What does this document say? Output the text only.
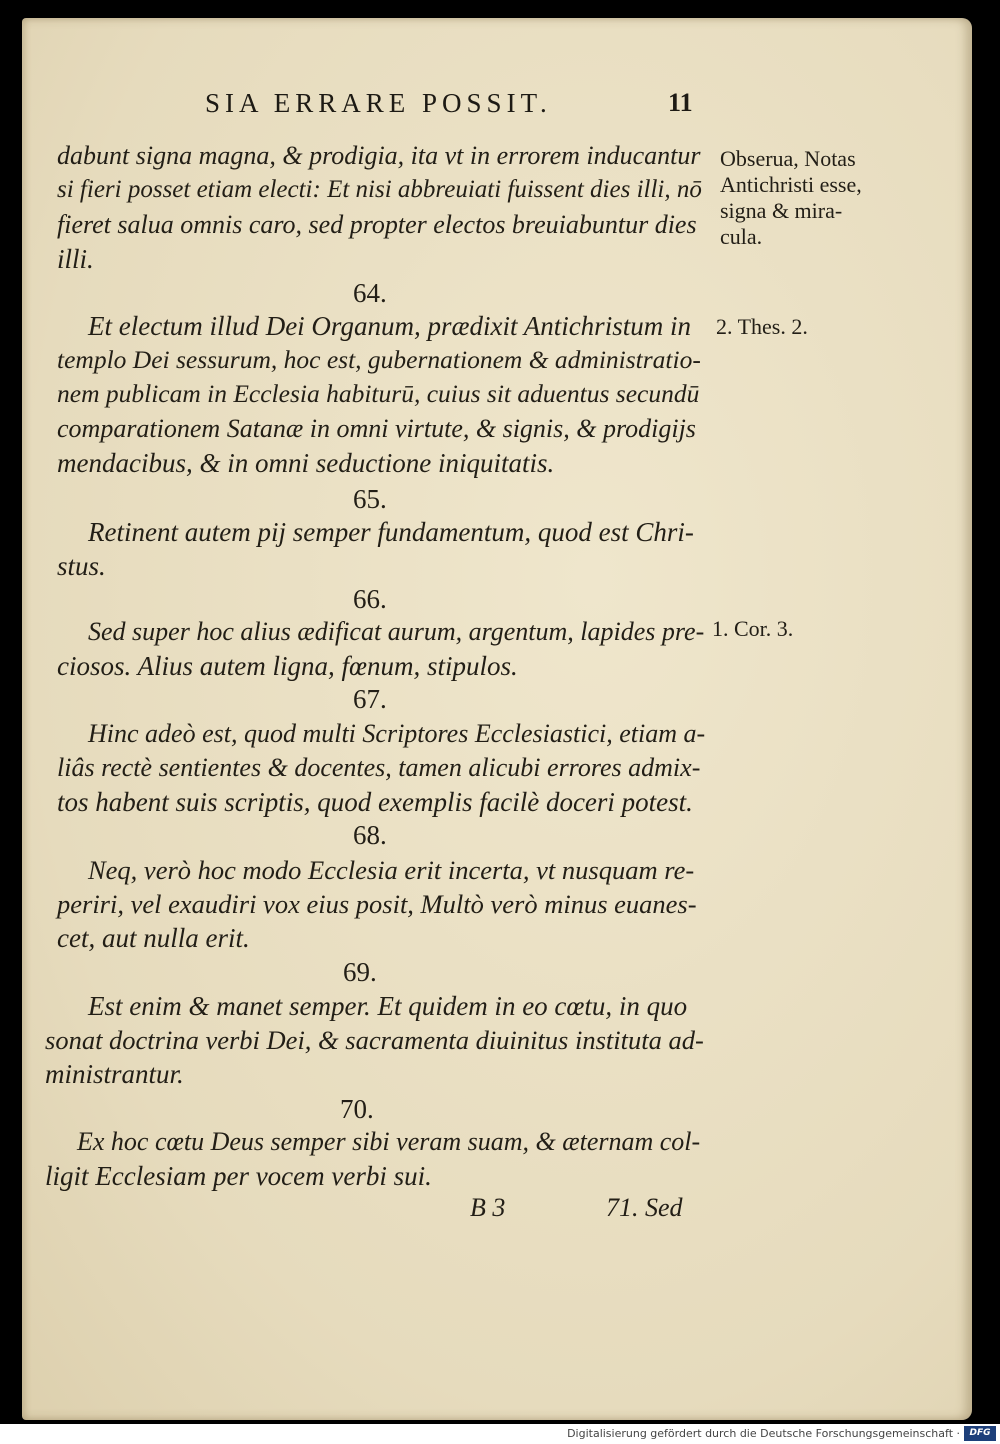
SIA ERRARE POSSIT.	11
dabunt signa magna, & prodigia, ita vt in errorem inducantur
si fieri posset etiam electi: Et nisi abbreuiati fuissent dies illi, nō
fieret salua omnis caro, sed propter electos breuiabuntur dies
illi.
64.
Et electum illud Dei Organum, prædixit Antichristum in
templo Dei sessurum, hoc est, gubernationem & administratio-
nem publicam in Ecclesia habiturū, cuius sit aduentus secundū
comparationem Satanæ in omni virtute, & signis, & prodigijs
mendacibus, & in omni seductione iniquitatis.
65.
Retinent autem pij semper fundamentum, quod est Chri-
stus.
66.
Sed super hoc alius ædificat aurum, argentum, lapides pre-
ciosos. Alius autem ligna, fœnum, stipulos.
67.
Hinc adeò est, quod multi Scriptores Ecclesiastici, etiam a-
liâs rectè sentientes & docentes, tamen alicubi errores admix-
tos habent suis scriptis, quod exemplis facilè doceri potest.
68.
Neq, verò hoc modo Ecclesia erit incerta, vt nusquam re-
periri, vel exaudiri vox eius posit, Multò verò minus euanes-
cet, aut nulla erit.
69.
Est enim & manet semper. Et quidem in eo cœtu, in quo
sonat doctrina verbi Dei, & sacramenta diuinitus instituta ad-
ministrantur.
70.
Ex hoc cœtu Deus semper sibi veram suam, & æternam col-
ligit Ecclesiam per vocem verbi sui.
Obserua, Notas
Antichristi esse,
signa & mira-
cula.
2. Thes. 2.
1. Cor. 3.
B 3	71. Sed
Digitalisierung gefördert durch die Deutsche Forschungsgemeinschaft ·	DFG
